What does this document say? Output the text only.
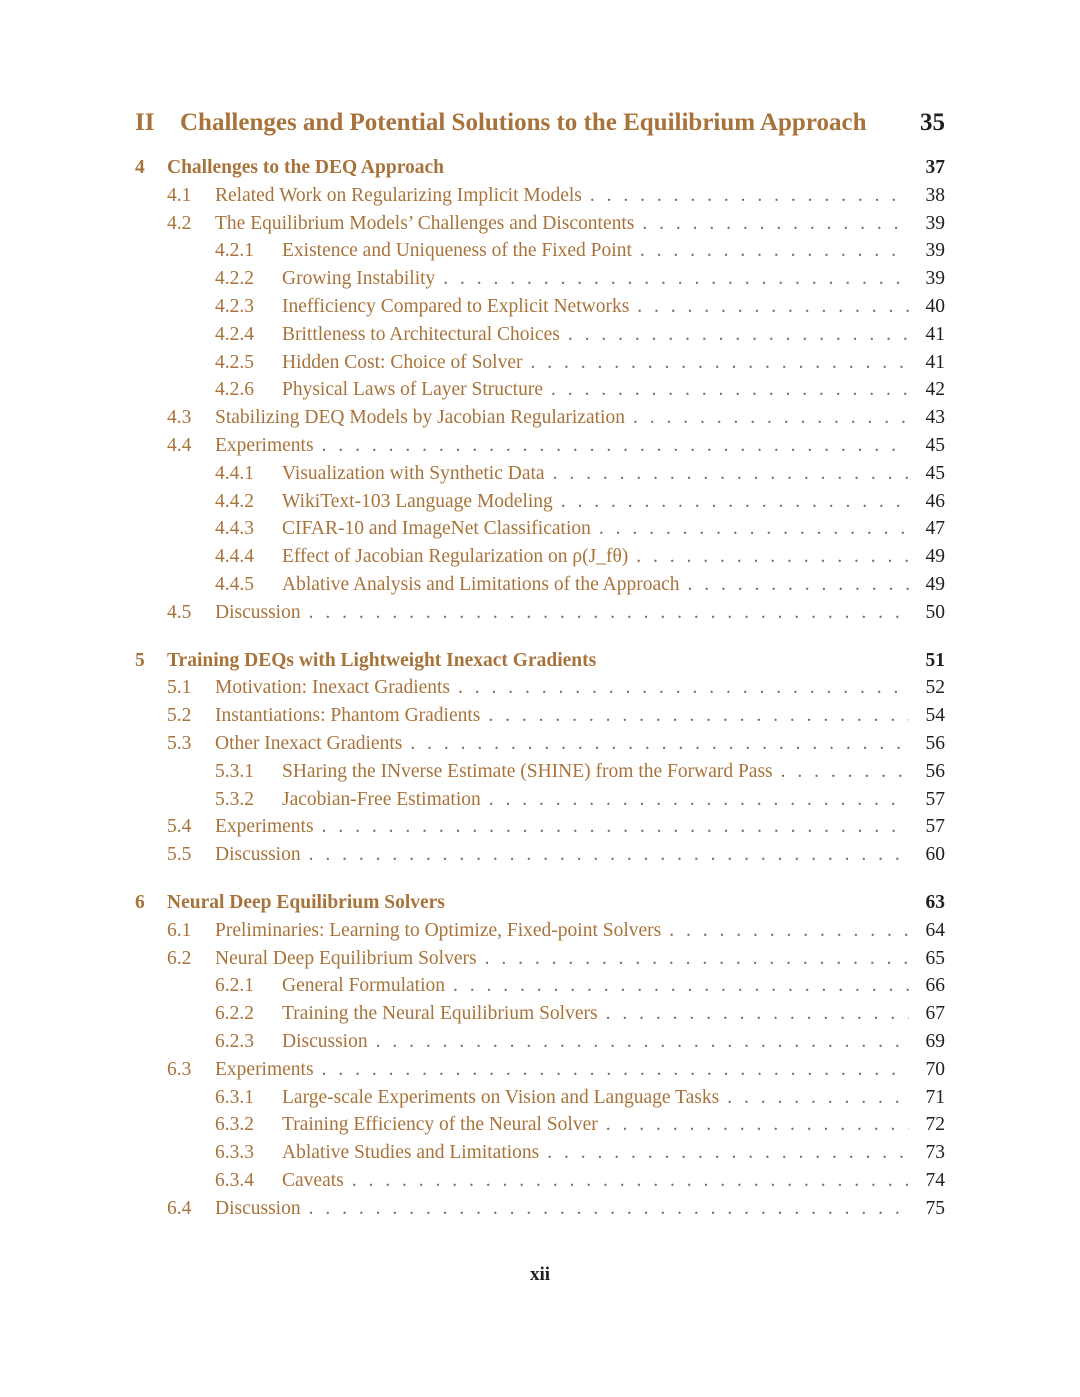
II	Challenges and Potential Solutions to the Equilibrium Approach	35
4	Challenges to the DEQ Approach	37
4.1	Related Work on Regularizing Implicit Models . . .	38
4.2	The Equilibrium Models’ Challenges and Discontents . . .	39
4.2.1	Existence and Uniqueness of the Fixed Point . . .	39
4.2.2	Growing Instability . . .	39
4.2.3	Inefficiency Compared to Explicit Networks . . .	40
4.2.4	Brittleness to Architectural Choices . . .	41
4.2.5	Hidden Cost: Choice of Solver . . .	41
4.2.6	Physical Laws of Layer Structure . . .	42
4.3	Stabilizing DEQ Models by Jacobian Regularization . . .	43
4.4	Experiments . . .	45
4.4.1	Visualization with Synthetic Data . . .	45
4.4.2	WikiText-103 Language Modeling . . .	46
4.4.3	CIFAR-10 and ImageNet Classification . . .	47
4.4.4	Effect of Jacobian Regularization on ρ(J_fθ) . . .	49
4.4.5	Ablative Analysis and Limitations of the Approach . . .	49
4.5	Discussion . . .	50
5	Training DEQs with Lightweight Inexact Gradients	51
5.1	Motivation: Inexact Gradients . . .	52
5.2	Instantiations: Phantom Gradients . . .	54
5.3	Other Inexact Gradients . . .	56
5.3.1	SHaring the INverse Estimate (SHINE) from the Forward Pass . . .	56
5.3.2	Jacobian-Free Estimation . . .	57
5.4	Experiments . . .	57
5.5	Discussion . . .	60
6	Neural Deep Equilibrium Solvers	63
6.1	Preliminaries: Learning to Optimize, Fixed-point Solvers . . .	64
6.2	Neural Deep Equilibrium Solvers . . .	65
6.2.1	General Formulation . . .	66
6.2.2	Training the Neural Equilibrium Solvers . . .	67
6.2.3	Discussion . . .	69
6.3	Experiments . . .	70
6.3.1	Large-scale Experiments on Vision and Language Tasks . . .	71
6.3.2	Training Efficiency of the Neural Solver . . .	72
6.3.3	Ablative Studies and Limitations . . .	73
6.3.4	Caveats . . .	74
6.4	Discussion . . .	75
xii
